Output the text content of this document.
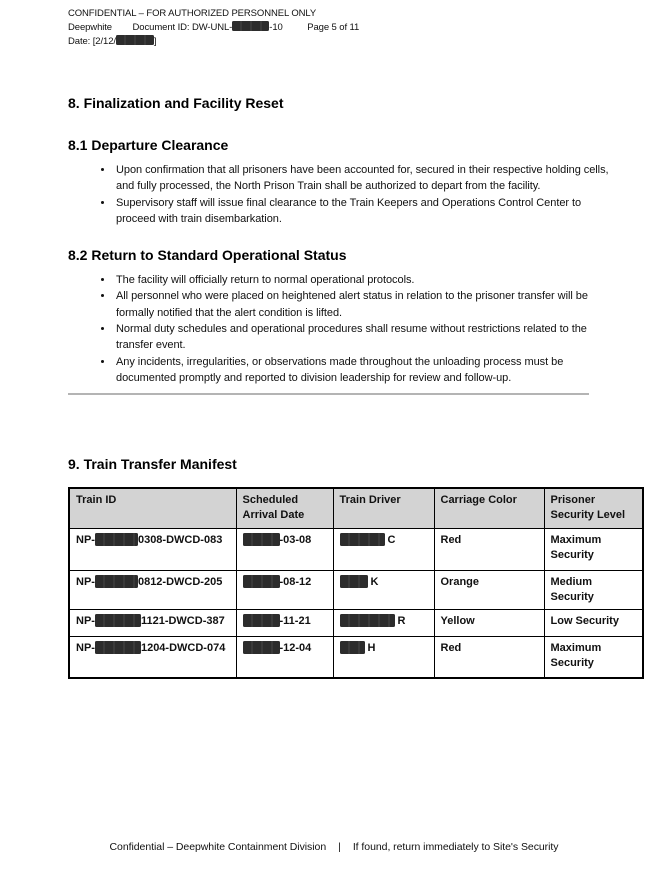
CONFIDENTIAL – FOR AUTHORIZED PERSONNEL ONLY
Deepwhite Document ID: DW-UNL-	-10	Page 5 of 11
Date: [2/12/	]
8. Finalization and Facility Reset
8.1 Departure Clearance
• Upon confirmation that all prisoners have been accounted for, secured in their respective holding cells, and fully processed, the North Prison Train shall be authorized to depart from the facility.
• Supervisory staff will issue final clearance to the Train Keepers and Operations Control Center to proceed with train disembarkation.
8.2 Return to Standard Operational Status
• The facility will officially return to normal operational protocols.
• All personnel who were placed on heightened alert status in relation to the prisoner transfer will be formally notified that the alert condition is lifted.
• Normal duty schedules and operational procedures shall resume without restrictions related to the transfer event.
• Any incidents, irregularities, or observations made throughout the unloading process must be documented promptly and reported to division leadership for review and follow-up.
9. Train Transfer Manifest
Train ID	Scheduled Arrival Date	Train Driver	Carriage Color	Prisoner Security Level
NP- 0308-DWCD-083	-03-08	C	Red	Maximum Security
NP- 0812-DWCD-205	-08-12	K	Orange	Medium Security
NP- 1121-DWCD-387	-11-21	R	Yellow	Low Security
NP- 1204-DWCD-074	-12-04	H	Red	Maximum Security
Confidential – Deepwhite Containment Division | If found, return immediately to Site's Security
